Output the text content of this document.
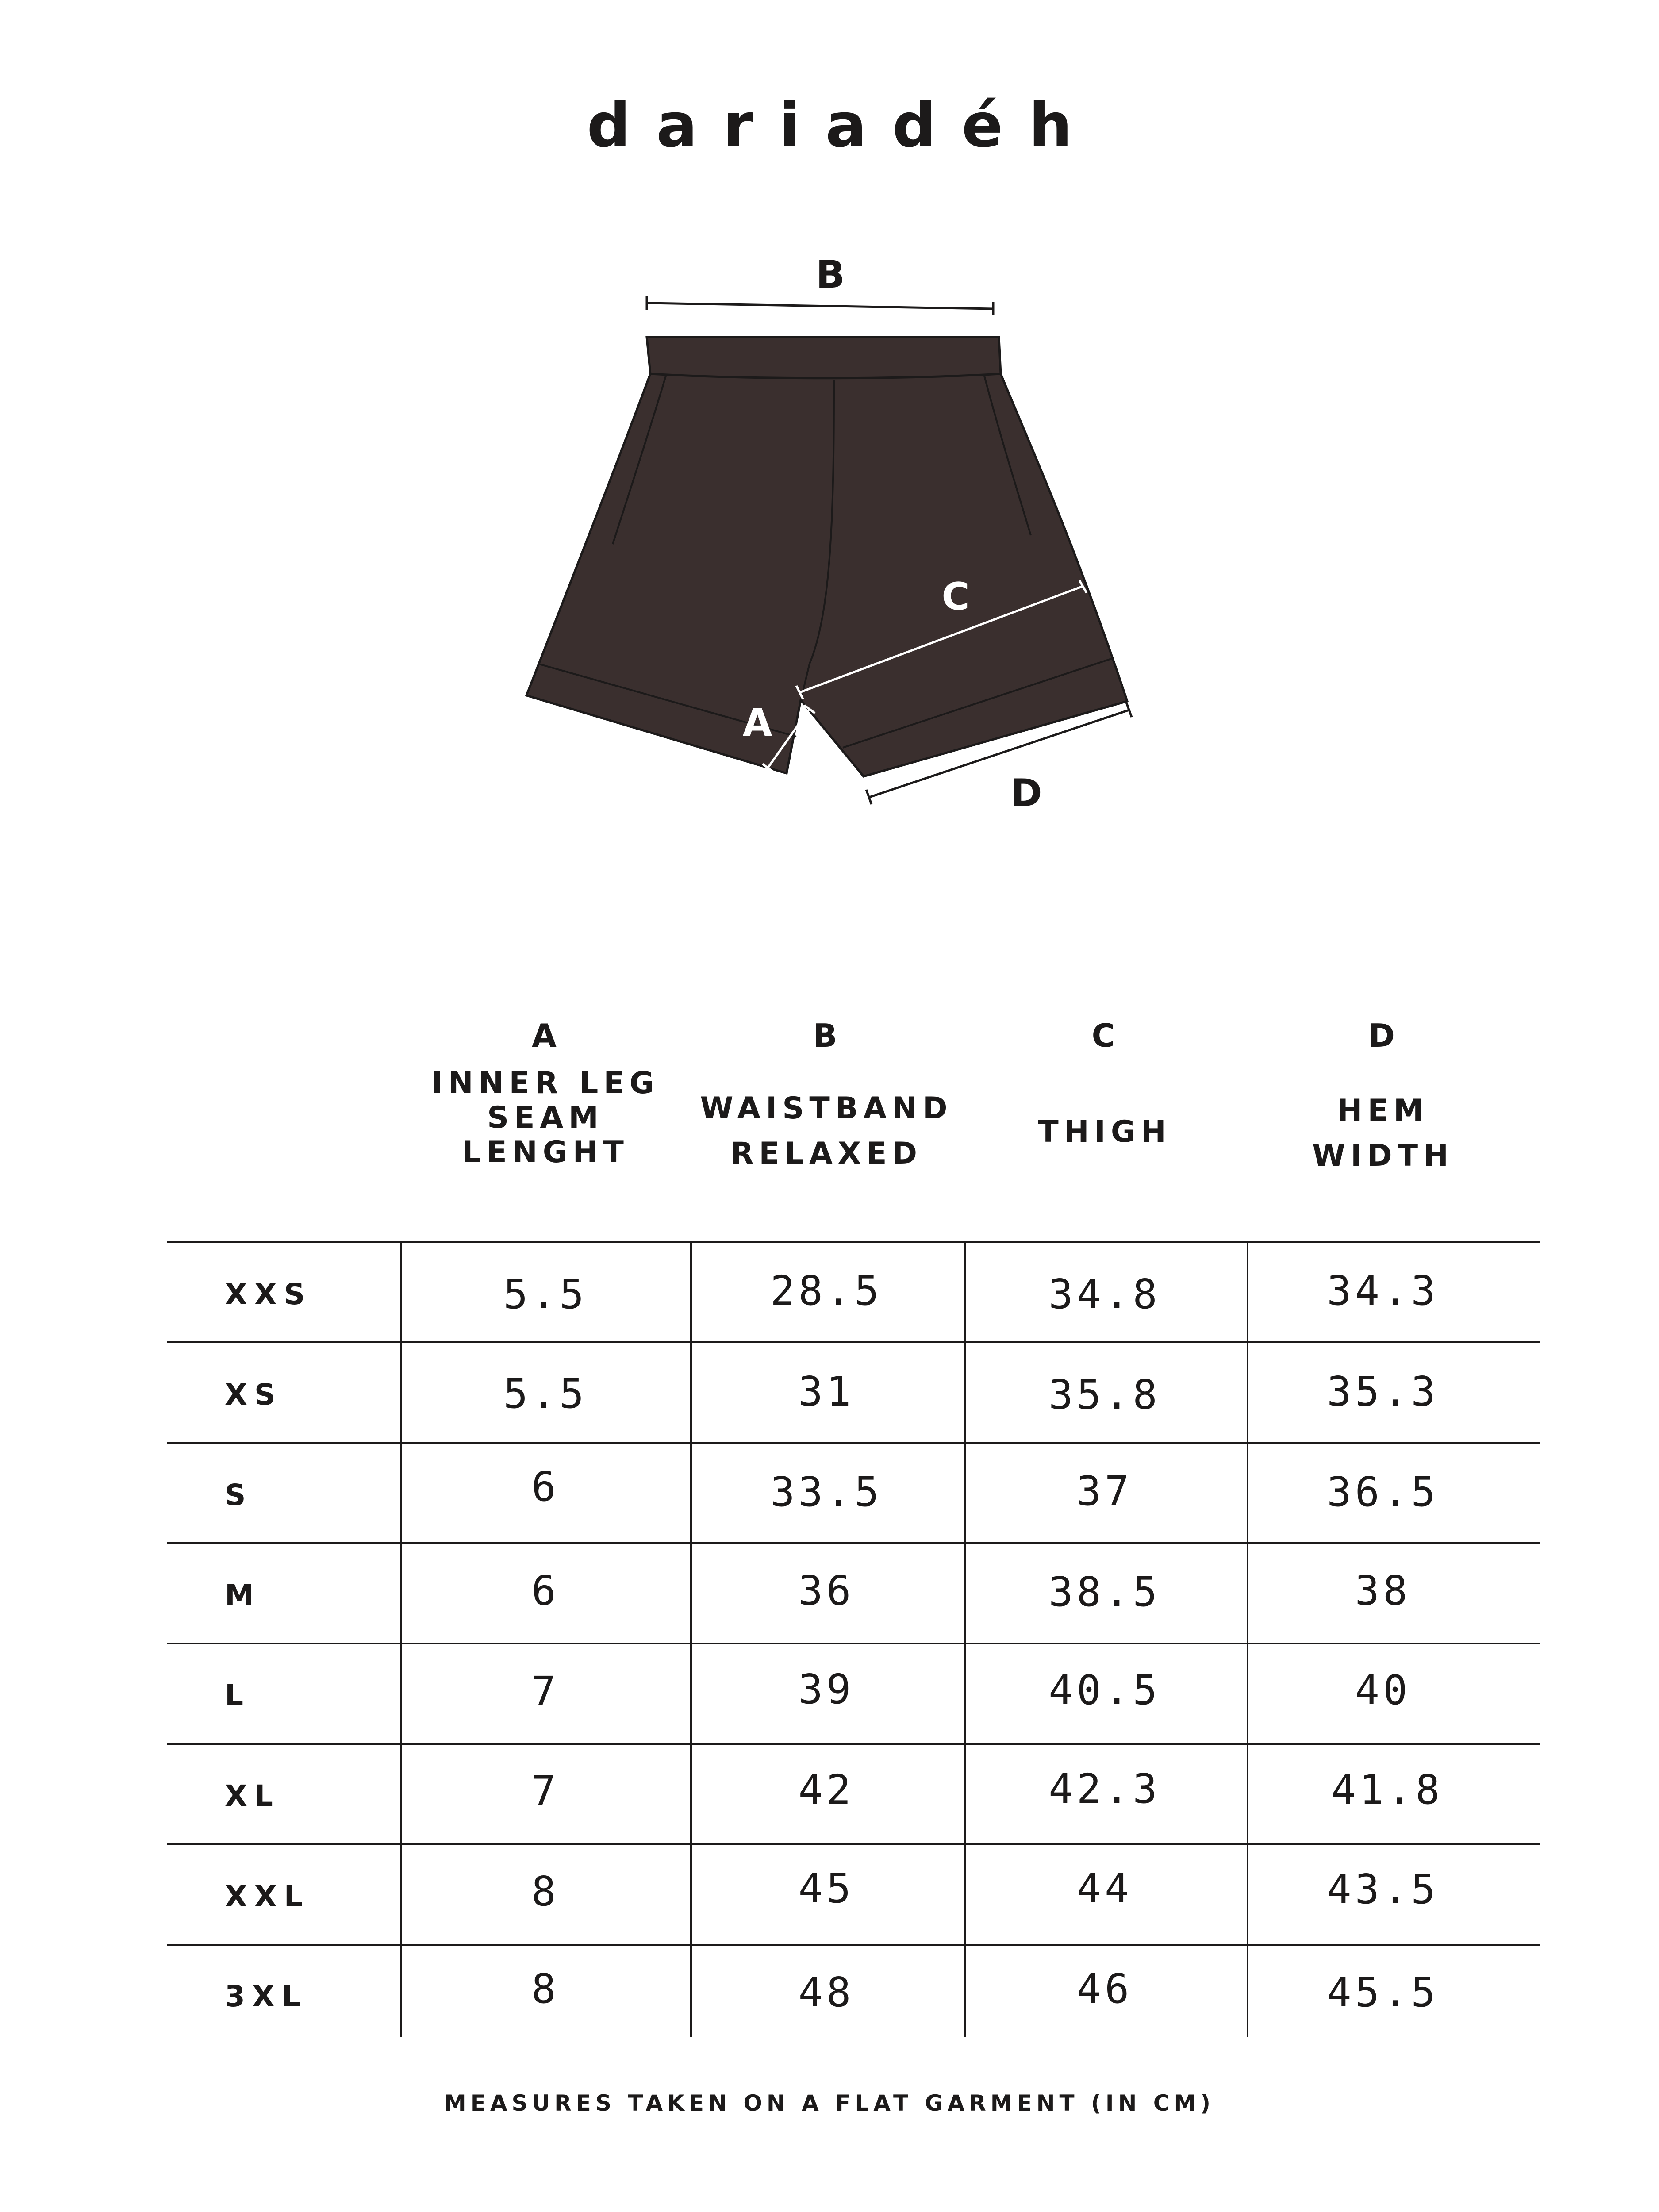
dariadéh
B
C
A
D
A	B	C	D
INNER LEG
SEAM
LENGHT
WAISTBAND
RELAXED
THIGH
HEM
WIDTH
XXS	5.5	28.5	34.8	34.3
XS	5.5	31	35.8	35.3
S	6	33.5	37	36.5
M	6	36	38.5	38
L	7	39	40.5	40
XL	7	42	42.3	41.8
XXL	8	45	44	43.5
3XL	8	48	46	45.5
MEASURES TAKEN ON A FLAT GARMENT (IN CM)
